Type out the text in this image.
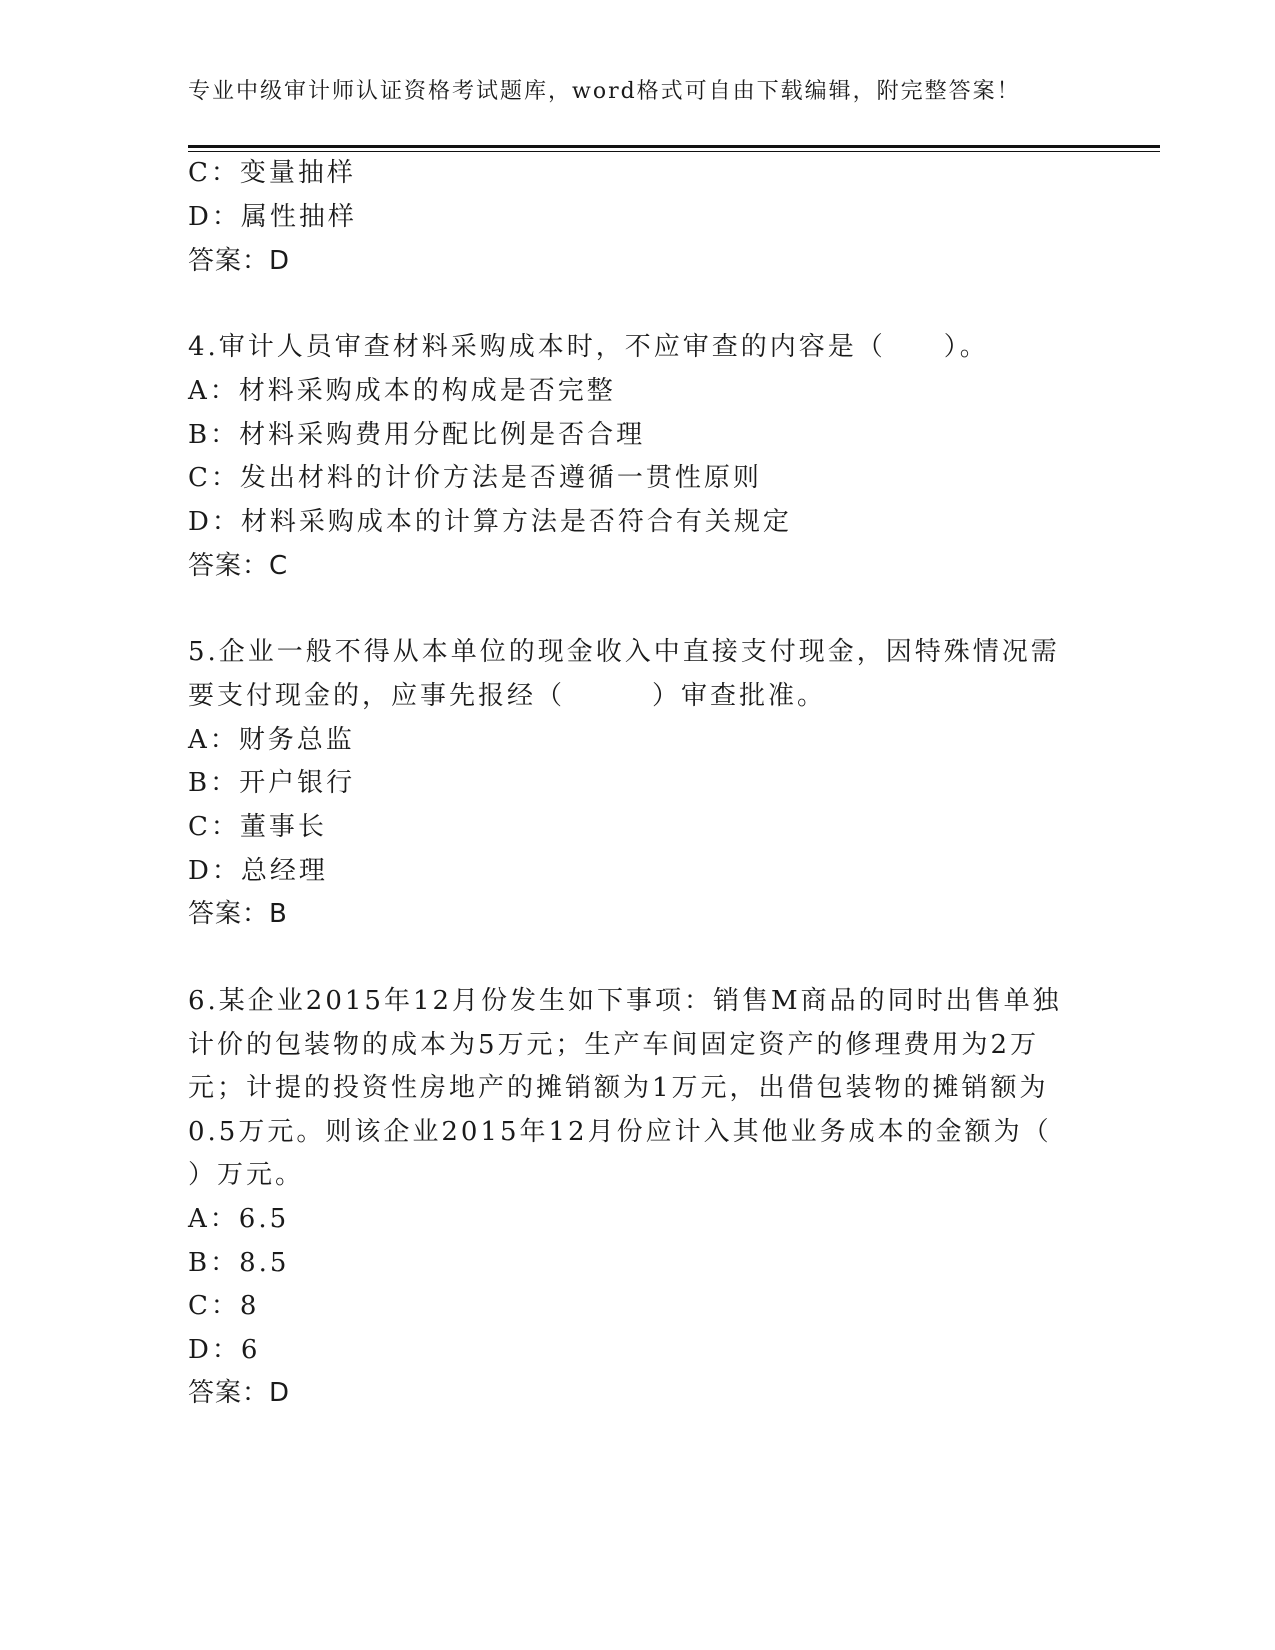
专业中级审计师认证资格考试题库，word格式可自由下载编辑，附完整答案！
C：变量抽样
D：属性抽样
答案：D
4.审计人员审查材料采购成本时，不应审查的内容是（　　）。
A：材料采购成本的构成是否完整
B：材料采购费用分配比例是否合理
C：发出材料的计价方法是否遵循一贯性原则
D：材料采购成本的计算方法是否符合有关规定
答案：C
5.企业一般不得从本单位的现金收入中直接支付现金，因特殊情况需
要支付现金的，应事先报经（　　　）审查批准。
A：财务总监
B：开户银行
C：董事长
D：总经理
答案：B
6.某企业2015年12月份发生如下事项：销售M商品的同时出售单独
计价的包装物的成本为5万元；生产车间固定资产的修理费用为2万
元；计提的投资性房地产的摊销额为1万元，出借包装物的摊销额为
0.5万元。则该企业2015年12月份应计入其他业务成本的金额为（
）万元。
A：6.5
B：8.5
C：8
D：6
答案：D
